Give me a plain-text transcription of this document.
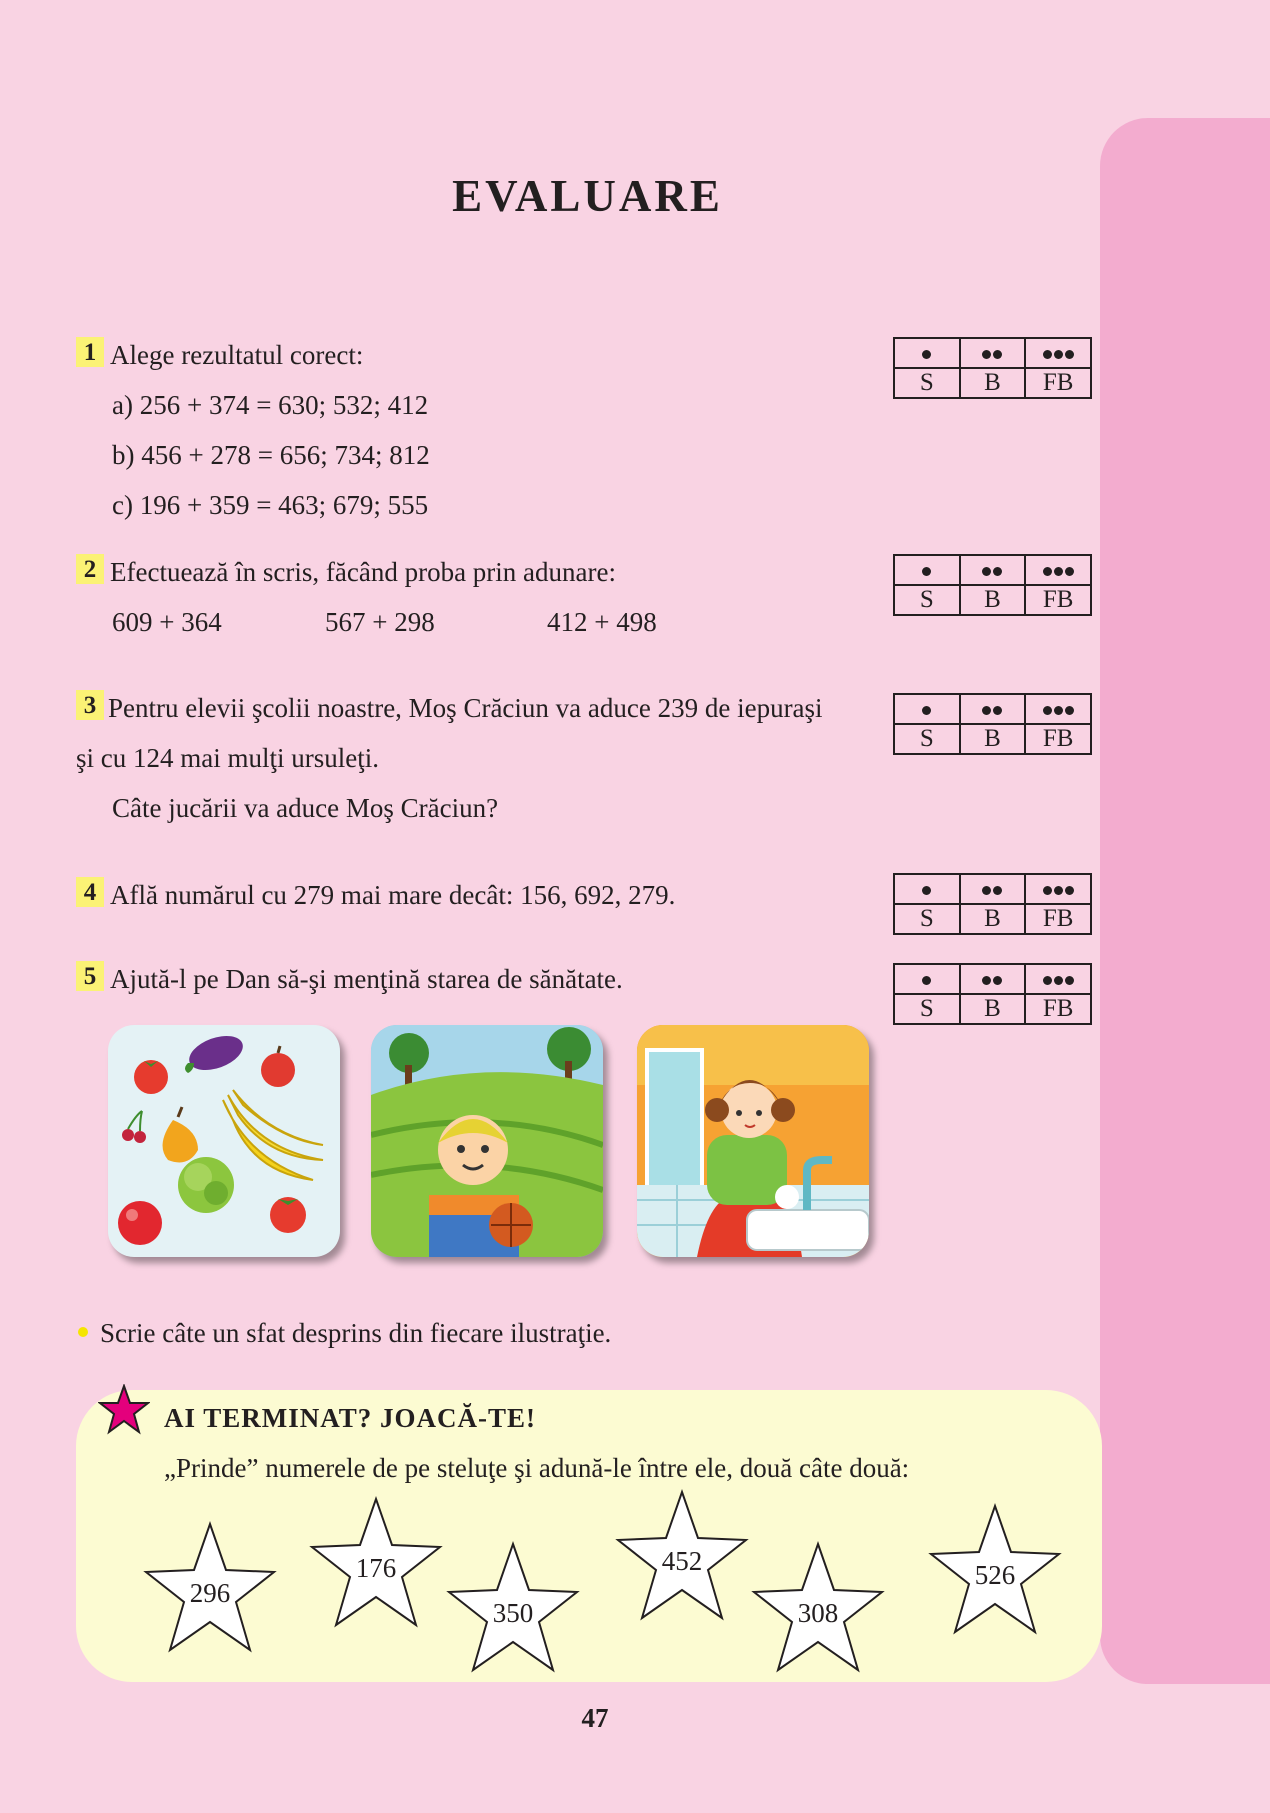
EVALUARE
1 Alege rezultatul corect:
a) 256 + 374 = 630; 532; 412
b) 456 + 278 = 656; 734; 812
c) 196 + 359 = 463; 679; 555
2 Efectuează în scris, făcând proba prin adunare:
609 + 364	567 + 298	412 + 498
3 Pentru elevii şcolii noastre, Moş Crăciun va aduce 239 de iepuraşi
şi cu 124 mai mulţi ursuleţi.
Câte jucării va aduce Moş Crăciun?
4 Află numărul cu 279 mai mare decât: 156, 692, 279.
5 Ajută-l pe Dan să-şi menţină starea de sănătate.

S	B	FB

S	B	FB

S	B	FB

S	B	FB

S	B	FB
Scrie câte un sfat desprins din fiecare ilustraţie.
AI TERMINAT? JOACĂ-TE!
„Prinde” numerele de pe steluţe şi adună-le între ele, două câte două:
296
176
350
452
308
526
47
